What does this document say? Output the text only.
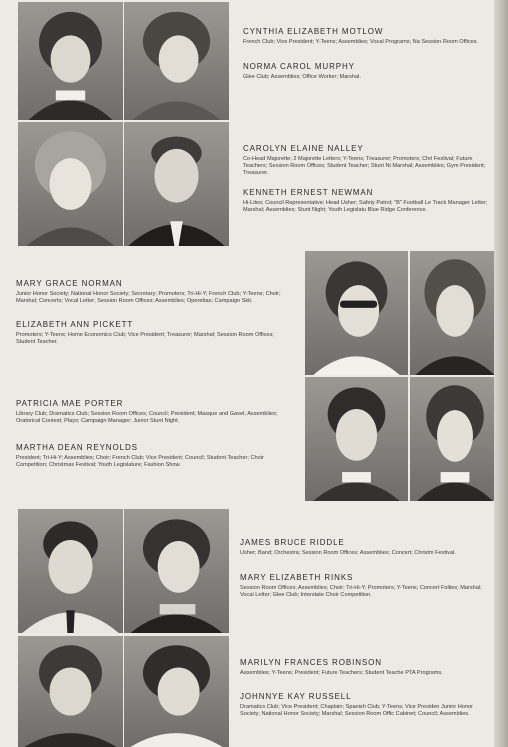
CYNTHIA ELIZABETH MOTLOW

French Club; Vice President; Y-Teens; Assemblies; Vocal Programs; Na Session Room Offices.

NORMA CAROL MURPHY

Glee Club; Assemblies; Office Worker; Marshal.

CAROLYN ELAINE NALLEY

Co-Head Majorette; 2 Majorette Letters; Y-Teens; Treasurer; Promoters; Chri Festival; Future Teachers; Session Room Offices; Student Teacher; Stunt Ni Marshal; Assemblies; Gym President; Treasurer.

KENNETH ERNEST NEWMAN

Hi-Lites; Council Representative; Head Usher; Safety Patrol; "B" Football Le Track Manager Letter; Marshal; Assemblies; Stunt Night; Youth Legislatu Blue Ridge Conference.

MARY GRACE NORMAN

Junior Honor Society; National Honor Society; Secretary; Promoters; Tri-Hi-Y; French Club; Y-Teens; Choir; Marshal; Concerts; Vocal Letter; Session Room Offices; Assemblies; Operettas; Campaign Skit.

ELIZABETH ANN PICKETT

Promoters; Y-Teens; Home Economics Club; Vice President; Treasurer; Marshal; Session Room Offices; Student Teacher.

PATRICIA MAE PORTER

Library Club; Dramatics Club; Session Room Offices; Council; President; Masque and Gavel; Assemblies; Oratorical Contest; Plays; Campaign Manager; Junior Stunt Night.

MARTHA DEAN REYNOLDS

President; Tri-Hi-Y; Assemblies; Choir; French Club; Vice President; Council; Student Teacher; Choir Competition; Christmas Festival; Youth Legislature; Fashion Show.

JAMES BRUCE RIDDLE

Usher; Band; Orchestra; Session Room Offices; Assemblies; Concert; Christm Festival.

MARY ELIZABETH RINKS

Session Room Offices; Assemblies; Choir; Tri-Hi-Y; Promoters; Y-Teens; Concert Follies; Marshal; Vocal Letter; Glee Club; Interstate Choir Competition.

MARILYN FRANCES ROBINSON

Assemblies; Y-Teens; President; Future Teachers; Student Teache PTA Programs.

JOHNNYE KAY RUSSELL

Dramatics Club; Vice President; Chaplain; Spanish Club; Y-Teens; Vice Presiden Junior Honor Society; National Honor Society; Marshal; Session Room Offic Cabinet; Council; Assemblies.
